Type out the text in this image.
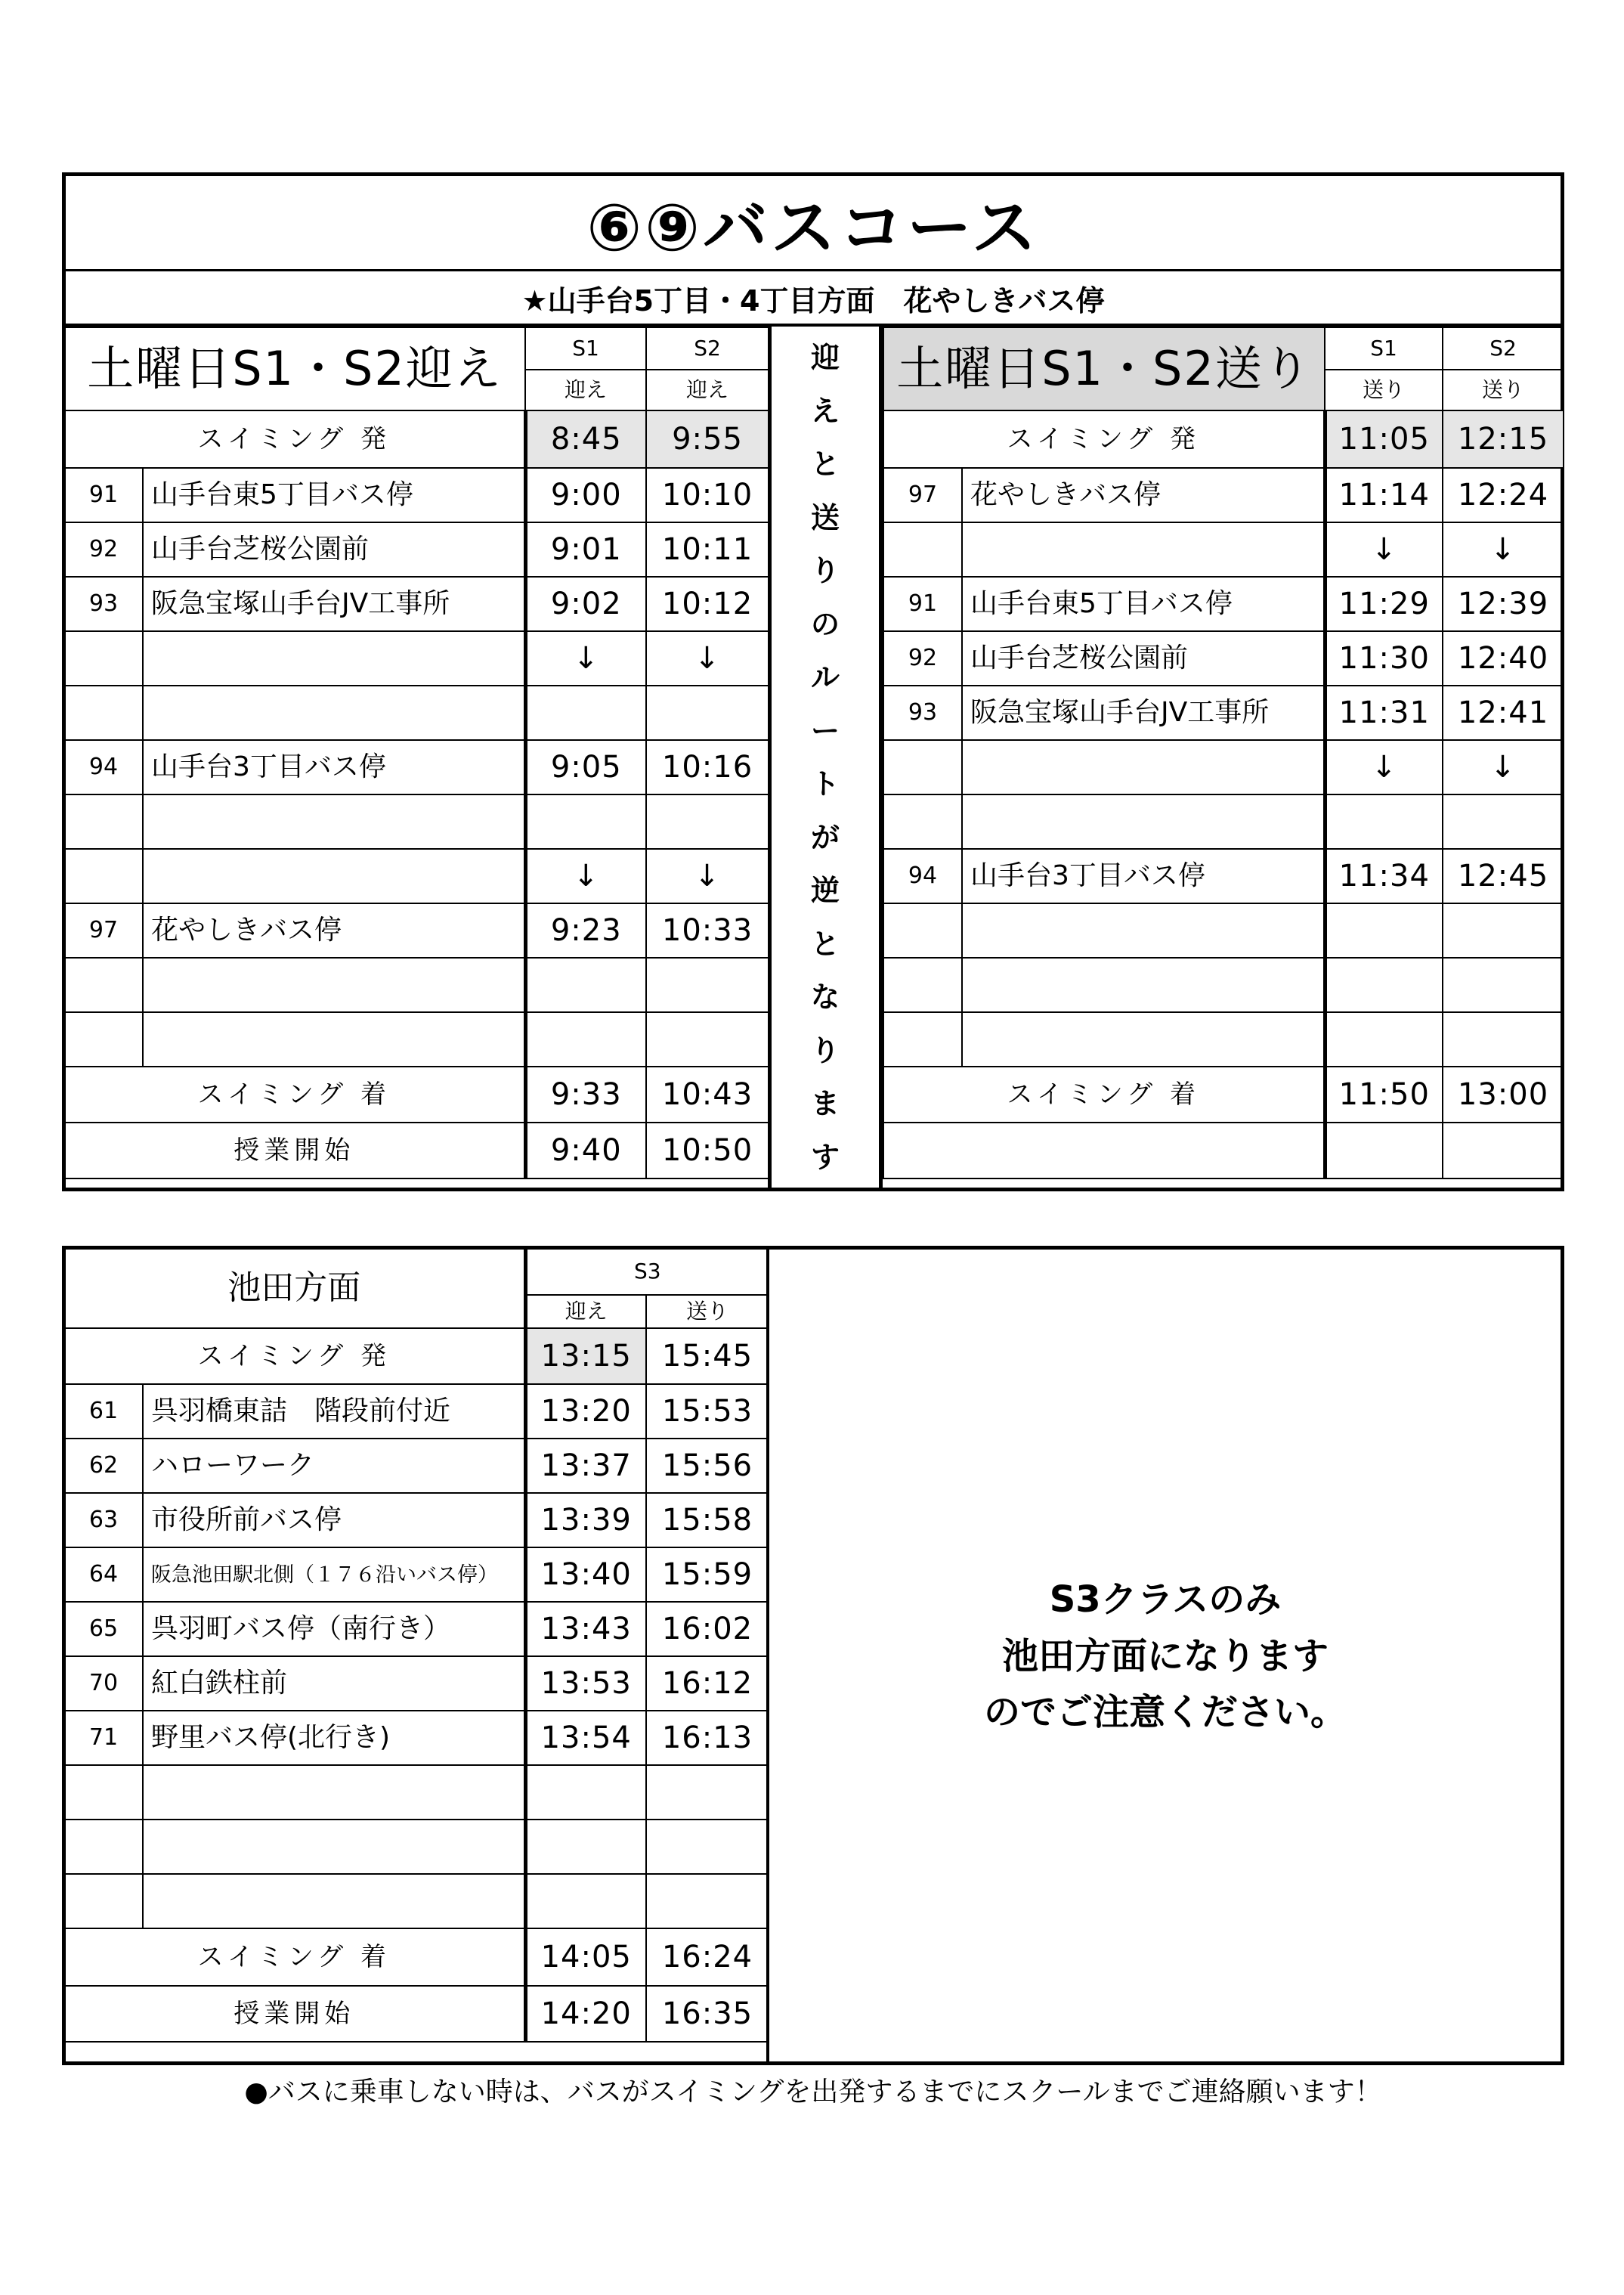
⑥⑨バスコース
★山手台5丁目・4丁目方面　花やしきバス停
土曜日S1・S2迎え		S1	S2
		迎え	迎え
スイミング 発		8:45	9:55
91	山手台東5丁目バス停	9:00	10:10
92	山手台芝桜公園前	9:01	10:11
93	阪急宝塚山手台JV工事所	9:02	10:12
		↓	↓

94	山手台3丁目バス停	9:05	10:16

		↓	↓
97	花やしきバス停	9:23	10:33

スイミング 着		9:33	10:43
授業開始		9:40	10:50
迎
え
と
送
り
の
ル
ー
ト
が
逆
と
な
り
ま
す
土曜日S1・S2送り		S1	S2
		送り	送り
スイミング 発		11:05	12:15
97	花やしきバス停	11:14	12:24
		↓	↓
91	山手台東5丁目バス停	11:29	12:39
92	山手台芝桜公園前	11:30	12:40
93	阪急宝塚山手台JV工事所	11:31	12:41
		↓	↓

94	山手台3丁目バス停	11:34	12:45

スイミング 着		11:50	13:00

池田方面		S3	
		迎え	送り
スイミング 発		13:15	15:45
61	呉羽橋東詰　階段前付近	13:20	15:53
62	ハローワーク	13:37	15:56
63	市役所前バス停	13:39	15:58
64	阪急池田駅北側（１７６沿いバス停）	13:40	15:59
65	呉羽町バス停（南行き）	13:43	16:02
70	紅白鉄柱前	13:53	16:12
71	野里バス停(北行き)	13:54	16:13

スイミング 着		14:05	16:24
授業開始		14:20	16:35
S3クラスのみ
池田方面になります
のでご注意ください。
●バスに乗車しない時は、バスがスイミングを出発するまでにスクールまでご連絡願います！
